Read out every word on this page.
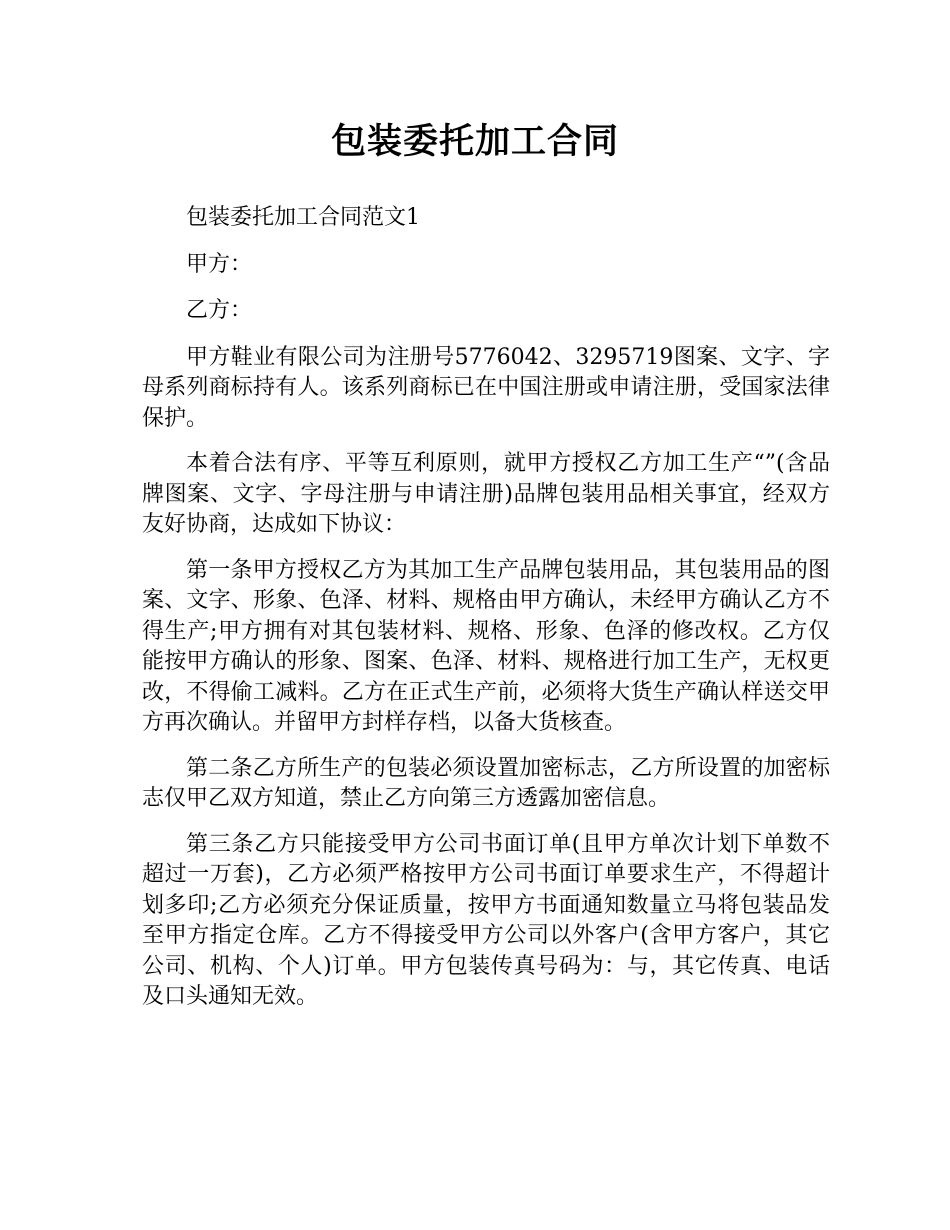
包装委托加工合同

包装委托加工合同范文1

甲方：

乙方：

甲方鞋业有限公司为注册号5776042、3295719图案、文字、字母系列商标持有人。该系列商标已在中国注册或申请注册，受国家法律保护。

本着合法有序、平等互利原则，就甲方授权乙方加工生产“”(含品牌图案、文字、字母注册与申请注册)品牌包装用品相关事宜，经双方友好协商，达成如下协议：

第一条甲方授权乙方为其加工生产品牌包装用品，其包装用品的图案、文字、形象、色泽、材料、规格由甲方确认，未经甲方确认乙方不得生产;甲方拥有对其包装材料、规格、形象、色泽的修改权。乙方仅能按甲方确认的形象、图案、色泽、材料、规格进行加工生产，无权更改，不得偷工减料。乙方在正式生产前，必须将大货生产确认样送交甲方再次确认。并留甲方封样存档，以备大货核查。

第二条乙方所生产的包装必须设置加密标志，乙方所设置的加密标志仅甲乙双方知道，禁止乙方向第三方透露加密信息。

第三条乙方只能接受甲方公司书面订单(且甲方单次计划下单数不超过一万套)，乙方必须严格按甲方公司书面订单要求生产，不得超计划多印;乙方必须充分保证质量，按甲方书面通知数量立马将包装品发至甲方指定仓库。乙方不得接受甲方公司以外客户(含甲方客户，其它公司、机构、个人)订单。甲方包装传真号码为：与，其它传真、电话及口头通知无效。
